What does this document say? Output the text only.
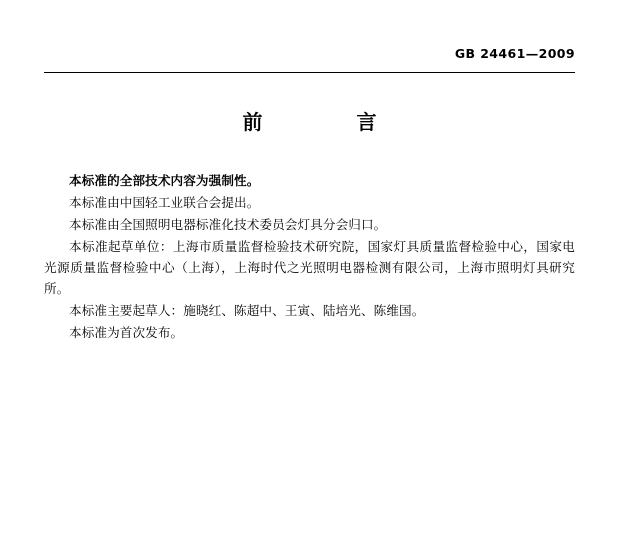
GB 24461—2009
前　　言

本标准的全部技术内容为强制性。

本标准由中国轻工业联合会提出。

本标准由全国照明电器标准化技术委员会灯具分会归口。

本标准起草单位：上海市质量监督检验技术研究院，国家灯具质量监督检验中心，国家电光源质量监督检验中心（上海），上海时代之光照明电器检测有限公司，上海市照明灯具研究所。

本标准主要起草人：施晓红、陈超中、王寅、陆培光、陈维国。

本标准为首次发布。
